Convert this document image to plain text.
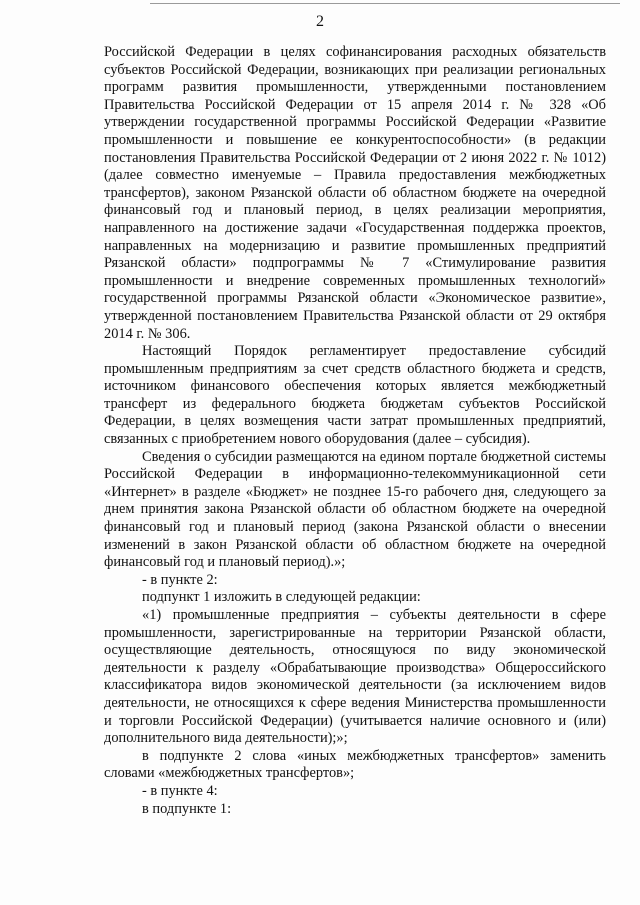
2

Российской Федерации в целях софинансирования расходных обязательств субъектов Российской Федерации, возникающих при реализации региональных программ развития промышленности, утвержденными постановлением Правительства Российской Федерации от 15 апреля 2014 г. № 328 «Об утверждении государственной программы Российской Федерации «Развитие промышленности и повышение ее конкурентоспособности» (в редакции постановления Правительства Российской Федерации от 2 июня 2022 г. № 1012) (далее совместно именуемые – Правила предоставления межбюджетных трансфертов), законом Рязанской области об областном бюджете на очередной финансовый год и плановый период, в целях реализации мероприятия, направленного на достижение задачи «Государственная поддержка проектов, направленных на модернизацию и развитие промышленных предприятий Рязанской области» подпрограммы № 7 «Стимулирование развития промышленности и внедрение современных промышленных технологий» государственной программы Рязанской области «Экономическое развитие», утвержденной постановлением Правительства Рязанской области от 29 октября 2014 г. № 306.

Настоящий Порядок регламентирует предоставление субсидий промышленным предприятиям за счет средств областного бюджета и средств, источником финансового обеспечения которых является межбюджетный трансферт из федерального бюджета бюджетам субъектов Российской Федерации, в целях возмещения части затрат промышленных предприятий, связанных с приобретением нового оборудования (далее – субсидия).

Сведения о субсидии размещаются на едином портале бюджетной системы Российской Федерации в информационно-телекоммуникационной сети «Интернет» в разделе «Бюджет» не позднее 15-го рабочего дня, следующего за днем принятия закона Рязанской области об областном бюджете на очередной финансовый год и плановый период (закона Рязанской области о внесении изменений в закон Рязанской области об областном бюджете на очередной финансовый год и плановый период).»;

- в пункте 2:

подпункт 1 изложить в следующей редакции:

«1) промышленные предприятия – субъекты деятельности в сфере промышленности, зарегистрированные на территории Рязанской области, осуществляющие деятельность, относящуюся по виду экономической деятельности к разделу «Обрабатывающие производства» Общероссийского классификатора видов экономической деятельности (за исключением видов деятельности, не относящихся к сфере ведения Министерства промышленности и торговли Российской Федерации) (учитывается наличие основного и (или) дополнительного вида деятельности);»;

в подпункте 2 слова «иных межбюджетных трансфертов» заменить словами «межбюджетных трансфертов»;

- в пункте 4:

в подпункте 1:
